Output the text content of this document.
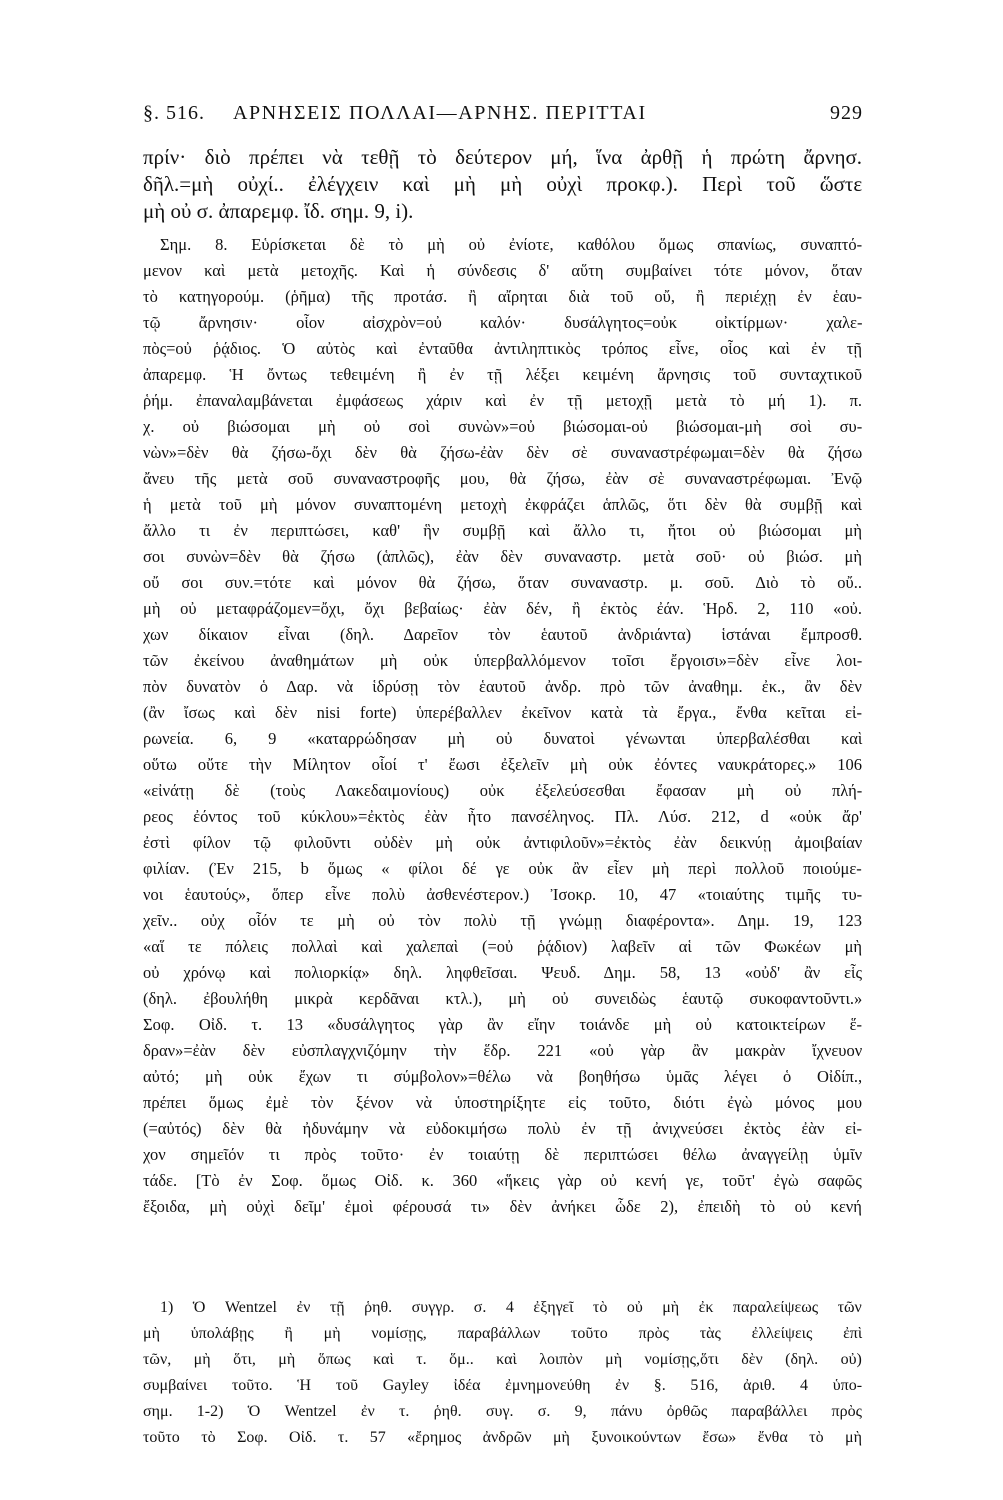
§. 516. ΑΡΝΗΣΕΙΣ ΠΟΛΛΑΙ—ΑΡΝΗΣ. ΠΕΡΙΤΤΑΙ	929
πρίν· διὸ πρέπει νὰ τεθῇ τὸ δεύτερον μή, ἵνα ἀρθῇ ἡ πρώτη ἄρνησ.
δῆλ.=μὴ οὐχί.. ἐλέγχειν καὶ μὴ μὴ οὐχὶ προκφ.). Περὶ τοῦ ὥστε
μὴ οὐ σ. ἀπαρεμφ. ἴδ. σημ. 9, i).
Σημ. 8. Εὑρίσκεται δὲ τὸ μὴ οὐ ἐνίοτε, καθόλου ὅμως σπανίως, συναπτό-
μενον καὶ μετὰ μετοχῆς. Καὶ ἡ σύνδεσις δ' αὕτη συμβαίνει τότε μόνον, ὅταν
τὸ κατηγορούμ. (ῥῆμα) τῆς προτάσ. ἢ αἴρηται διὰ τοῦ οὔ, ἢ περιέχῃ ἐν ἑαυ-
τῷ ἄρνησιν· οἷον αἰσχρὸν=οὐ καλόν· δυσάλγητος=οὐκ οἰκτίρμων· χαλε-
πὸς=οὐ ῥᾴδιος. Ὁ αὐτὸς καὶ ἐνταῦθα ἀντιληπτικὸς τρόπος εἶνε, οἷος καὶ ἐν τῇ
ἀπαρεμφ. Ἡ ὄντως τεθειμένη ἢ ἐν τῇ λέξει κειμένη ἄρνησις τοῦ συνταχτικοῦ
ῥήμ. ἐπαναλαμβάνεται ἐμφάσεως χάριν καὶ ἐν τῇ μετοχῇ μετὰ τὸ μή 1). π.
χ. οὐ βιώσομαι μὴ οὐ σοὶ συνὼν»=οὐ βιώσομαι-οὐ βιώσομαι-μὴ σοὶ συ-
νὼν»=δὲν θὰ ζήσω-ὄχι δὲν θὰ ζήσω-ἐὰν δὲν σὲ συναναστρέφωμαι=δὲν θὰ ζήσω
ἄνευ τῆς μετὰ σοῦ συναναστροφῆς μου, θὰ ζήσω, ἐὰν σὲ συναναστρέφωμαι. Ἐνῷ
ἡ μετὰ τοῦ μὴ μόνον συναπτομένη μετοχὴ ἐκφράζει ἁπλῶς, ὅτι δὲν θὰ συμβῇ καὶ
ἄλλο τι ἐν περιπτώσει, καθ' ἣν συμβῇ καὶ ἄλλο τι, ἤτοι οὐ βιώσομαι μὴ
σοι συνὼν=δὲν θὰ ζήσω (ἁπλῶς), ἐὰν δὲν συναναστρ. μετὰ σοῦ· οὐ βιώσ. μὴ
οὔ σοι συν.=τότε καὶ μόνον θὰ ζήσω, ὅταν συναναστρ. μ. σοῦ. Διὸ τὸ οὔ..
μὴ οὐ μεταφράζομεν=ὄχι, ὄχι βεβαίως· ἐὰν δέν, ἢ ἐκτὸς ἐάν. Ἡρδ. 2, 110 «οὐ.
χων δίκαιον εἶναι (δηλ. Δαρεῖον τὸν ἑαυτοῦ ἀνδριάντα) ἱστάναι ἔμπροσθ.
τῶν ἐκείνου ἀναθημάτων μὴ οὐκ ὑπερβαλλόμενον τοῖσι ἔργοισι»=δὲν εἶνε λοι-
πὸν δυνατὸν ὁ Δαρ. νὰ ἱδρύσῃ τὸν ἑαυτοῦ ἀνδρ. πρὸ τῶν ἀναθημ. ἐκ., ἂν δὲν
(ἂν ἴσως καὶ δὲν nisi forte) ὑπερέβαλλεν ἐκεῖνον κατὰ τὰ ἔργα., ἔνθα κεῖται εἰ-
ρωνεία. 6, 9 «καταρρώδησαν μὴ οὐ δυνατοὶ γένωνται ὑπερβαλέσθαι καὶ
οὕτω οὔτε τὴν Μίλητον οἷοί τ' ἔωσι ἐξελεῖν μὴ οὐκ ἐόντες ναυκράτορες.» 106
«εἰνάτῃ δὲ (τοὺς Λακεδαιμονίους) οὐκ ἐξελεύσεσθαι ἔφασαν μὴ οὐ πλή-
ρεος ἐόντος τοῦ κύκλου»=ἐκτὸς ἐὰν ἦτο πανσέληνος. Πλ. Λύσ. 212, d «οὐκ ἄρ'
ἐστὶ φίλον τῷ φιλοῦντι οὐδὲν μὴ οὐκ ἀντιφιλοῦν»=ἐκτὸς ἐὰν δεικνύῃ ἀμοιβαίαν
φιλίαν. (Ἐν 215, b ὅμως « φίλοι δέ γε οὐκ ἂν εἶεν μὴ περὶ πολλοῦ ποιούμε-
νοι ἑαυτούς», ὅπερ εἶνε πολὺ ἀσθενέστερον.) Ἰσοκρ. 10, 47 «τοιαύτης τιμῆς τυ-
χεῖν.. οὐχ οἷόν τε μὴ οὐ τὸν πολὺ τῇ γνώμῃ διαφέροντα». Δημ. 19, 123
«αἵ τε πόλεις πολλαὶ καὶ χαλεπαὶ (=οὐ ῥᾴδιον) λαβεῖν αἱ τῶν Φωκέων μὴ
οὐ χρόνῳ καὶ πολιορκίᾳ» δηλ. ληφθεῖσαι. Ψευδ. Δημ. 58, 13 «οὐδ' ἂν εἷς
(δηλ. ἐβουλήθη μικρὰ κερδᾶναι κτλ.), μὴ οὐ συνειδὼς ἑαυτῷ συκοφαντοῦντι.»
Σοφ. Οἰδ. τ. 13 «δυσάλγητος γὰρ ἂν εἴην τοιάνδε μὴ οὐ κατοικτείρων ἕ-
δραν»=ἐὰν δὲν εὐσπλαγχνιζόμην τὴν ἕδρ. 221 «οὐ γὰρ ἂν μακρὰν ἴχνευον
αὐτό; μὴ οὐκ ἔχων τι σύμβολον»=θέλω νὰ βοηθήσω ὑμᾶς λέγει ὁ Οἰδίπ.,
πρέπει ὅμως ἐμὲ τὸν ξένον νὰ ὑποστηρίξητε εἰς τοῦτο, διότι ἐγὼ μόνος μου
(=αὐτός) δὲν θὰ ἠδυνάμην νὰ εὐδοκιμήσω πολὺ ἐν τῇ ἀνιχνεύσει ἐκτὸς ἐὰν εἰ-
χον σημεῖόν τι πρὸς τοῦτο· ἐν τοιαύτῃ δὲ περιπτώσει θέλω ἀναγγείλῃ ὑμῖν
τάδε. [Τὸ ἐν Σοφ. ὅμως Οἰδ. κ. 360 «ἥκεις γὰρ οὐ κενή γε, τοῦτ' ἐγὼ σαφῶς
ἔξοιδα, μὴ οὐχὶ δεῖμ' ἐμοὶ φέρουσά τι» δὲν ἀνήκει ὧδε 2), ἐπειδὴ τὸ οὐ κενή
1) Ὁ Wentzel ἐν τῇ ῥηθ. συγγρ. σ. 4 ἐξηγεῖ τὸ οὐ μὴ ἐκ παραλείψεως τῶν
μὴ ὑπολάβῃς ἢ μὴ νομίσῃς, παραβάλλων τοῦτο πρὸς τὰς ἐλλείψεις ἐπὶ
τῶν, μὴ ὅτι, μὴ ὅπως καὶ τ. ὅμ.. καὶ λοιπὸν μὴ νομίσῃς,ὅτι δὲν (δηλ. οὐ)
συμβαίνει τοῦτο. Ἡ τοῦ Gayley ἰδέα ἐμνημονεύθη ἐν §. 516, ἀριθ. 4 ὑπο-
σημ. 1-2) Ὁ Wentzel ἐν τ. ῥηθ. συγ. σ. 9, πάνυ ὀρθῶς παραβάλλει πρὸς
τοῦτο τὸ Σοφ. Οἰδ. τ. 57 «ἔρημος ἀνδρῶν μὴ ξυνοικούντων ἔσω» ἔνθα τὸ μὴ
